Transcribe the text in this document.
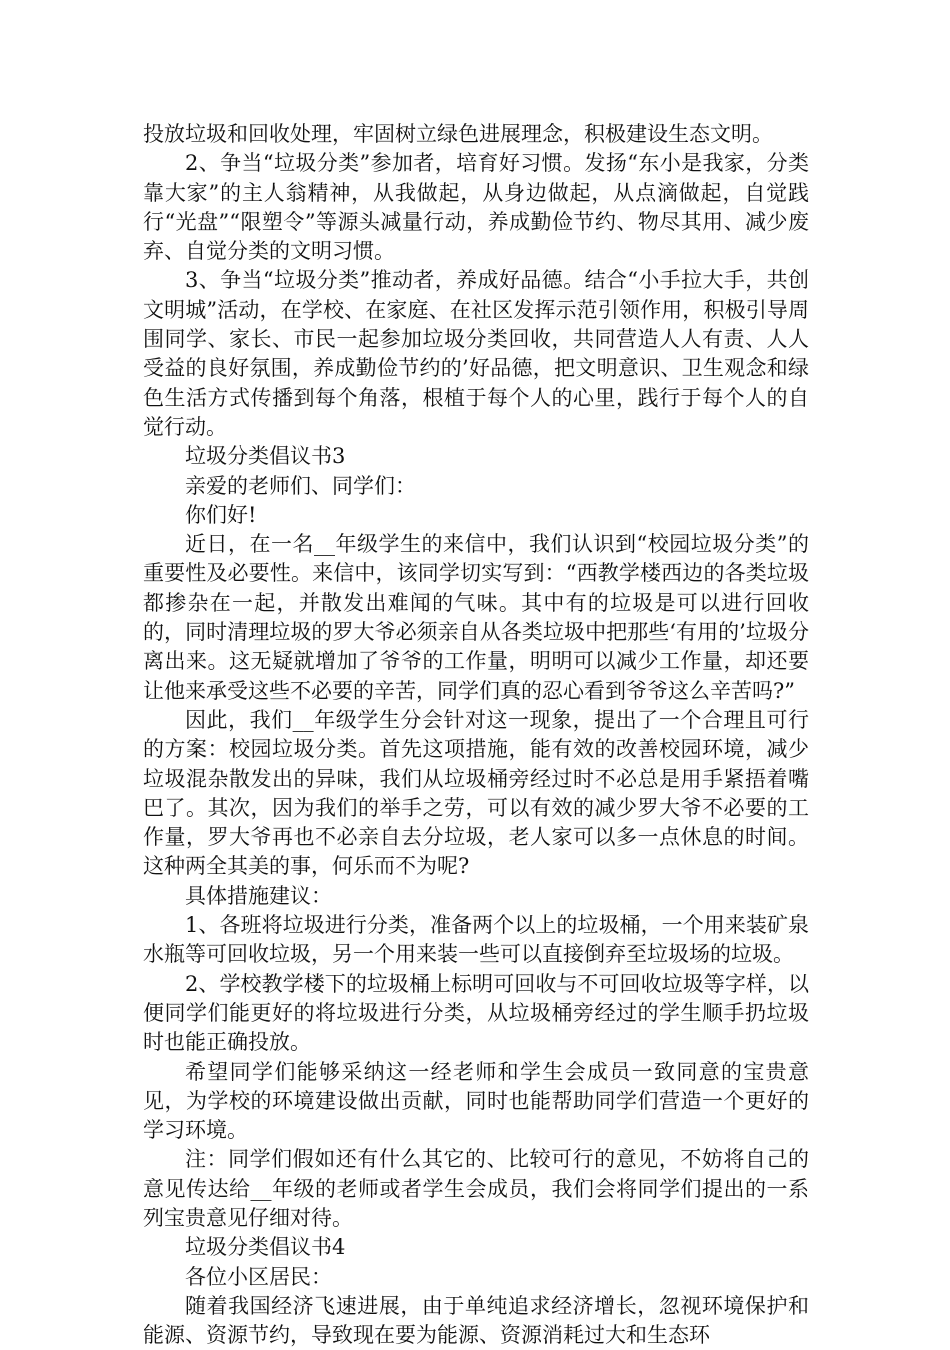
投放垃圾和回收处理，牢固树立绿色进展理念，积极建设生态文明。

2、争当“垃圾分类”参加者，培育好习惯。发扬“东小是我家，分类靠大家”的主人翁精神，从我做起，从身边做起，从点滴做起，自觉践行“光盘”“限塑令”等源头减量行动，养成勤俭节约、物尽其用、减少废弃、自觉分类的文明习惯。

3、争当“垃圾分类”推动者，养成好品德。结合“小手拉大手，共创文明城”活动，在学校、在家庭、在社区发挥示范引领作用，积极引导周围同学、家长、市民一起参加垃圾分类回收，共同营造人人有责、人人受益的良好氛围，养成勤俭节约的’好品德，把文明意识、卫生观念和绿色生活方式传播到每个角落，根植于每个人的心里，践行于每个人的自觉行动。

垃圾分类倡议书3

亲爱的老师们、同学们：

你们好!

近日，在一名__年级学生的来信中，我们认识到“校园垃圾分类”的重要性及必要性。来信中，该同学切实写到：“西教学楼西边的各类垃圾都掺杂在一起，并散发出难闻的气味。其中有的垃圾是可以进行回收的，同时清理垃圾的罗大爷必须亲自从各类垃圾中把那些‘有用的’垃圾分离出来。这无疑就增加了爷爷的工作量，明明可以减少工作量，却还要让他来承受这些不必要的辛苦，同学们真的忍心看到爷爷这么辛苦吗?”

因此，我们__年级学生分会针对这一现象，提出了一个合理且可行的方案：校园垃圾分类。首先这项措施，能有效的改善校园环境，减少垃圾混杂散发出的异味，我们从垃圾桶旁经过时不必总是用手紧捂着嘴巴了。其次，因为我们的举手之劳，可以有效的减少罗大爷不必要的工作量，罗大爷再也不必亲自去分垃圾，老人家可以多一点休息的时间。这种两全其美的事，何乐而不为呢?

具体措施建议：

1、各班将垃圾进行分类，准备两个以上的垃圾桶，一个用来装矿泉水瓶等可回收垃圾，另一个用来装一些可以直接倒弃至垃圾场的垃圾。

2、学校教学楼下的垃圾桶上标明可回收与不可回收垃圾等字样，以便同学们能更好的将垃圾进行分类，从垃圾桶旁经过的学生顺手扔垃圾时也能正确投放。

希望同学们能够采纳这一经老师和学生会成员一致同意的宝贵意见，为学校的环境建设做出贡献，同时也能帮助同学们营造一个更好的学习环境。

注：同学们假如还有什么其它的、比较可行的意见，不妨将自己的意见传达给__年级的老师或者学生会成员，我们会将同学们提出的一系列宝贵意见仔细对待。

垃圾分类倡议书4

各位小区居民：

随着我国经济飞速进展，由于单纯追求经济增长，忽视环境保护和能源、资源节约，导致现在要为能源、资源消耗过大和生态环
